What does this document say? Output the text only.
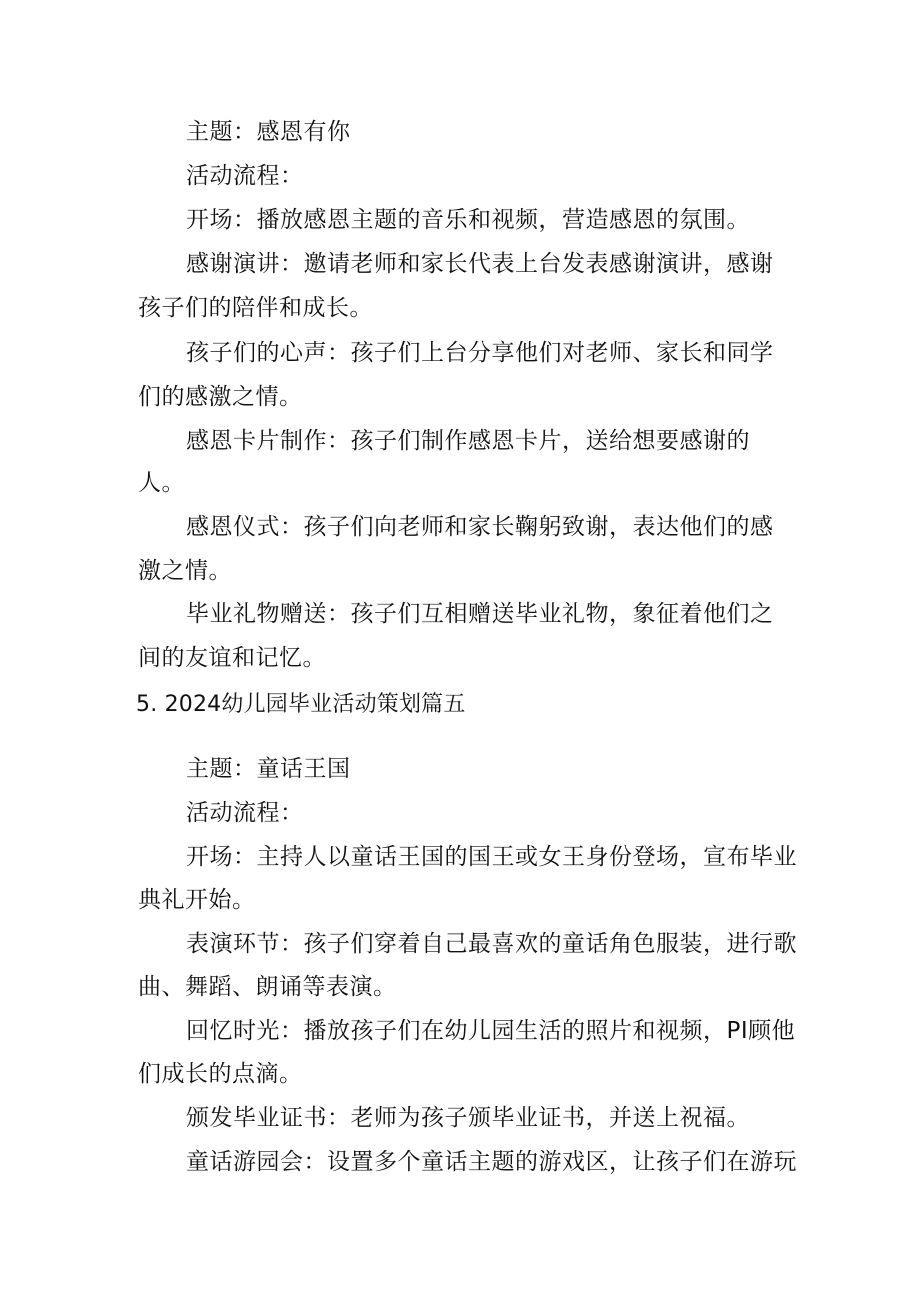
主题：感恩有你
活动流程：
开场：播放感恩主题的音乐和视频，营造感恩的氛围。
感谢演讲：邀请老师和家长代表上台发表感谢演讲，感谢
孩子们的陪伴和成长。
孩子们的心声：孩子们上台分享他们对老师、家长和同学
们的感激之情。
感恩卡片制作：孩子们制作感恩卡片，送给想要感谢的
人。
感恩仪式：孩子们向老师和家长鞠躬致谢，表达他们的感
激之情。
毕业礼物赠送：孩子们互相赠送毕业礼物，象征着他们之
间的友谊和记忆。
5. 2024幼儿园毕业活动策划篇五
主题：童话王国
活动流程：
开场：主持人以童话王国的国王或女王身份登场，宣布毕业
典礼开始。
表演环节：孩子们穿着自己最喜欢的童话角色服装，进行歌
曲、舞蹈、朗诵等表演。
回忆时光：播放孩子们在幼儿园生活的照片和视频，PI顾他
们成长的点滴。
颁发毕业证书：老师为孩子颁毕业证书，并送上祝福。
童话游园会：设置多个童话主题的游戏区，让孩子们在游玩
